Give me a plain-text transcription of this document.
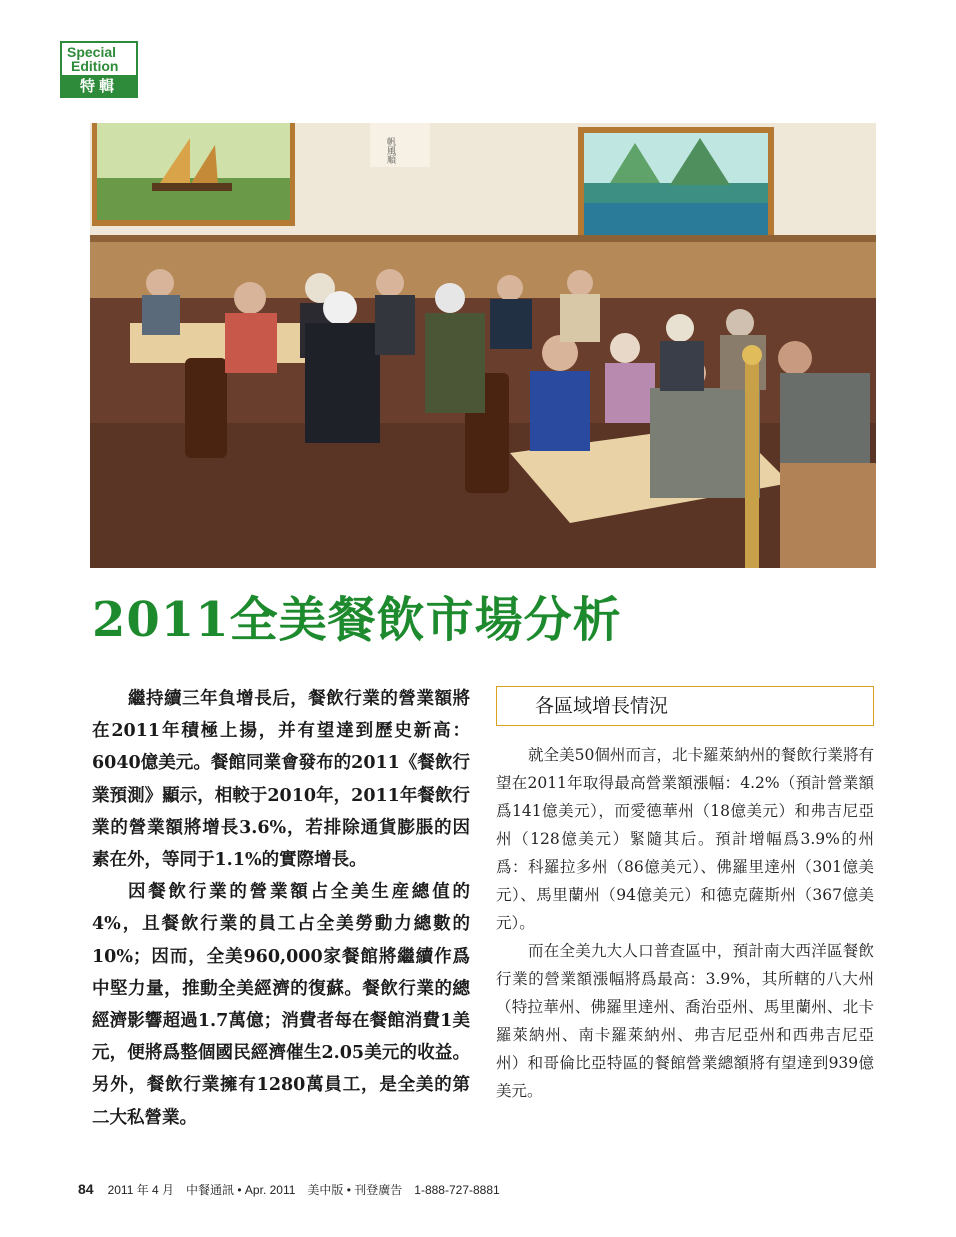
Special
Edition
特輯
帆風順
2011全美餐飲市場分析

繼持續三年負增長后，餐飲行業的營業額將在2011年積極上揚，并有望達到歷史新高：6040億美元。餐館同業會發布的2011《餐飲行業預測》顯示，相較于2010年，2011年餐飲行業的營業額將增長3.6%，若排除通貨膨脹的因素在外，等同于1.1%的實際增長。

因餐飲行業的營業額占全美生産總值的4%，且餐飲行業的員工占全美勞動力總數的10%；因而，全美960,000家餐館將繼續作爲中堅力量，推動全美經濟的復蘇。餐飲行業的總經濟影響超過1.7萬億；消費者每在餐館消費1美元，便將爲整個國民經濟催生2.05美元的收益。另外，餐飲行業擁有1280萬員工，是全美的第二大私營業。

各區域增長情況

就全美50個州而言，北卡羅萊納州的餐飲行業將有望在2011年取得最高營業額漲幅：4.2%（預計營業額爲141億美元），而愛德華州（18億美元）和弗吉尼亞州（128億美元）緊隨其后。預計增幅爲3.9%的州爲：科羅拉多州（86億美元）、佛羅里達州（301億美元）、馬里蘭州（94億美元）和德克薩斯州（367億美元）。

而在全美九大人口普查區中，預計南大西洋區餐飲行業的營業額漲幅將爲最高：3.9%，其所轄的八大州（特拉華州、佛羅里達州、喬治亞州、馬里蘭州、北卡羅萊納州、南卡羅萊納州、弗吉尼亞州和西弗吉尼亞州）和哥倫比亞特區的餐館營業總額將有望達到939億美元。

84 2011 年 4 月　中餐通訊 • Apr. 2011　美中版 • 刊登廣告　1-888-727-8881
